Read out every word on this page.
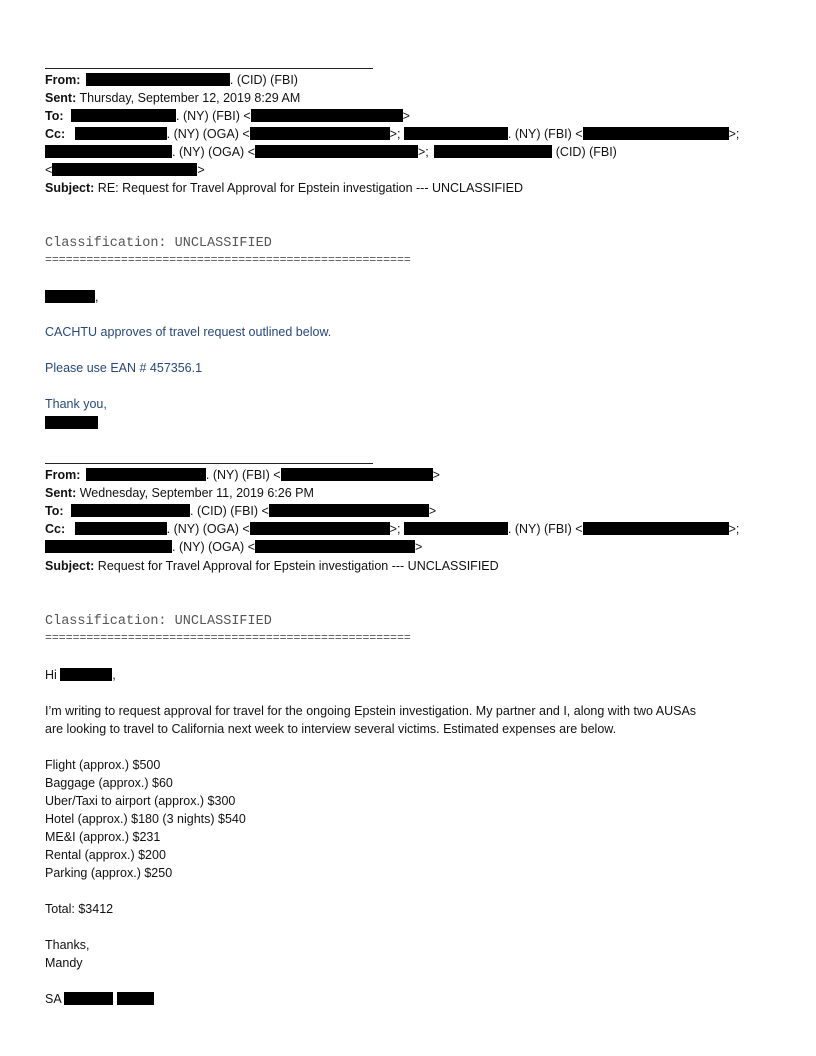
From:	. (CID) (FBI)
Sent: Thursday, September 12, 2019 8:29 AM
To:	. (NY) (FBI) <	>
Cc:	. (NY) (OGA) <	>;	. (NY) (FBI) <	>;
. (NY) (OGA) <	>;	(CID) (FBI)
<	>
Subject: RE: Request for Travel Approval for Epstein investigation --- UNCLASSIFIED
Classification: UNCLASSIFIED
=====================================================
,
CACHTU approves of travel request outlined below.
Please use EAN # 457356.1
Thank you,
From:	. (NY) (FBI) <	>
Sent: Wednesday, September 11, 2019 6:26 PM
To:	. (CID) (FBI) <	>
Cc:	. (NY) (OGA) <	>;	. (NY) (FBI) <	>;
. (NY) (OGA) <	>
Subject: Request for Travel Approval for Epstein investigation --- UNCLASSIFIED
Classification: UNCLASSIFIED
=====================================================
Hi	,
I’m writing to request approval for travel for the ongoing Epstein investigation. My partner and I, along with two AUSAs
are looking to travel to California next week to interview several victims. Estimated expenses are below.
Flight (approx.) $500
Baggage (approx.) $60
Uber/Taxi to airport (approx.) $300
Hotel (approx.) $180 (3 nights) $540
ME&I (approx.) $231
Rental (approx.) $200
Parking (approx.) $250
Total: $3412
Thanks,
Mandy
SA
